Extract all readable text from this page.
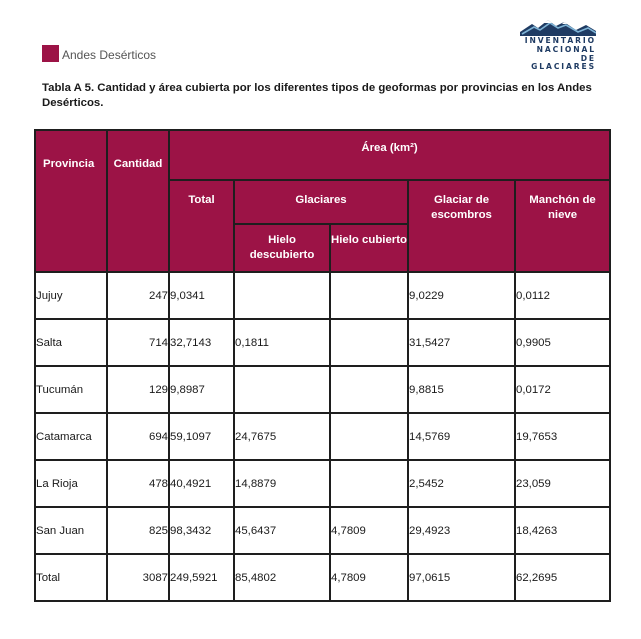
Andes Desérticos
INVENTARIO
NACIONAL
DE GLACIARES
Tabla A 5. Cantidad y área cubierta por los diferentes tipos de geoformas por provincias en los Andes Desérticos.
Provincia	Cantidad	Área (km²)				
		Total	Glaciares		Glaciar de escombros	Manchón de nieve
			Hielo descubierto	Hielo cubierto		
Jujuy	247	9,0341			9,0229	0,0112
Salta	714	32,7143	0,1811		31,5427	0,9905
Tucumán	129	9,8987			9,8815	0,0172
Catamarca	694	59,1097	24,7675		14,5769	19,7653
La Rioja	478	40,4921	14,8879		2,5452	23,059
San Juan	825	98,3432	45,6437	4,7809	29,4923	18,4263
Total	3087	249,5921	85,4802	4,7809	97,0615	62,2695
